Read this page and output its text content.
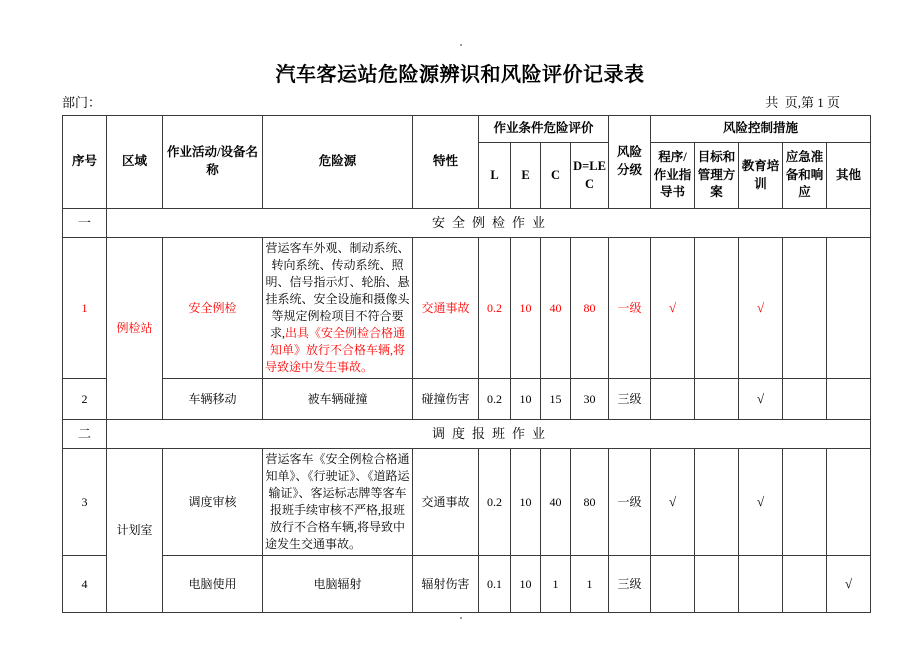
汽车客运站危险源辨识和风险评价记录表
部门：	共  页,第 1 页
序号	区域	作业活动/设备名称	危险源	特性	作业条件危险评价				风险分级	风险控制措施				
					L	E	C	D=LEC		程序/作业指导书	目标和管理方案	教育培训	应急准备和响应	其他
一	安全例检作业													
1	例检站	安全例检	营运客车外观、制动系统、转向系统、传动系统、照明、信号指示灯、轮胎、悬挂系统、安全设施和摄像头等规定例检项目不符合要求,出具《安全例检合格通知单》放行不合格车辆,将导致途中发生事故。	交通事故	0.2	10	40	80	一级	√		√		
2		车辆移动	被车辆碰撞	碰撞伤害	0.2	10	15	30	三级			√		
二	调度报班作业													
3	计划室	调度审核	营运客车《安全例检合格通知单》、《行驶证》、《道路运输证》、客运标志牌等客车报班手续审核不严格,报班放行不合格车辆,将导致中途发生交通事故。	交通事故	0.2	10	40	80	一级	√		√		
4		电脑使用	电脑辐射	辐射伤害	0.1	10	1	1	三级					√
